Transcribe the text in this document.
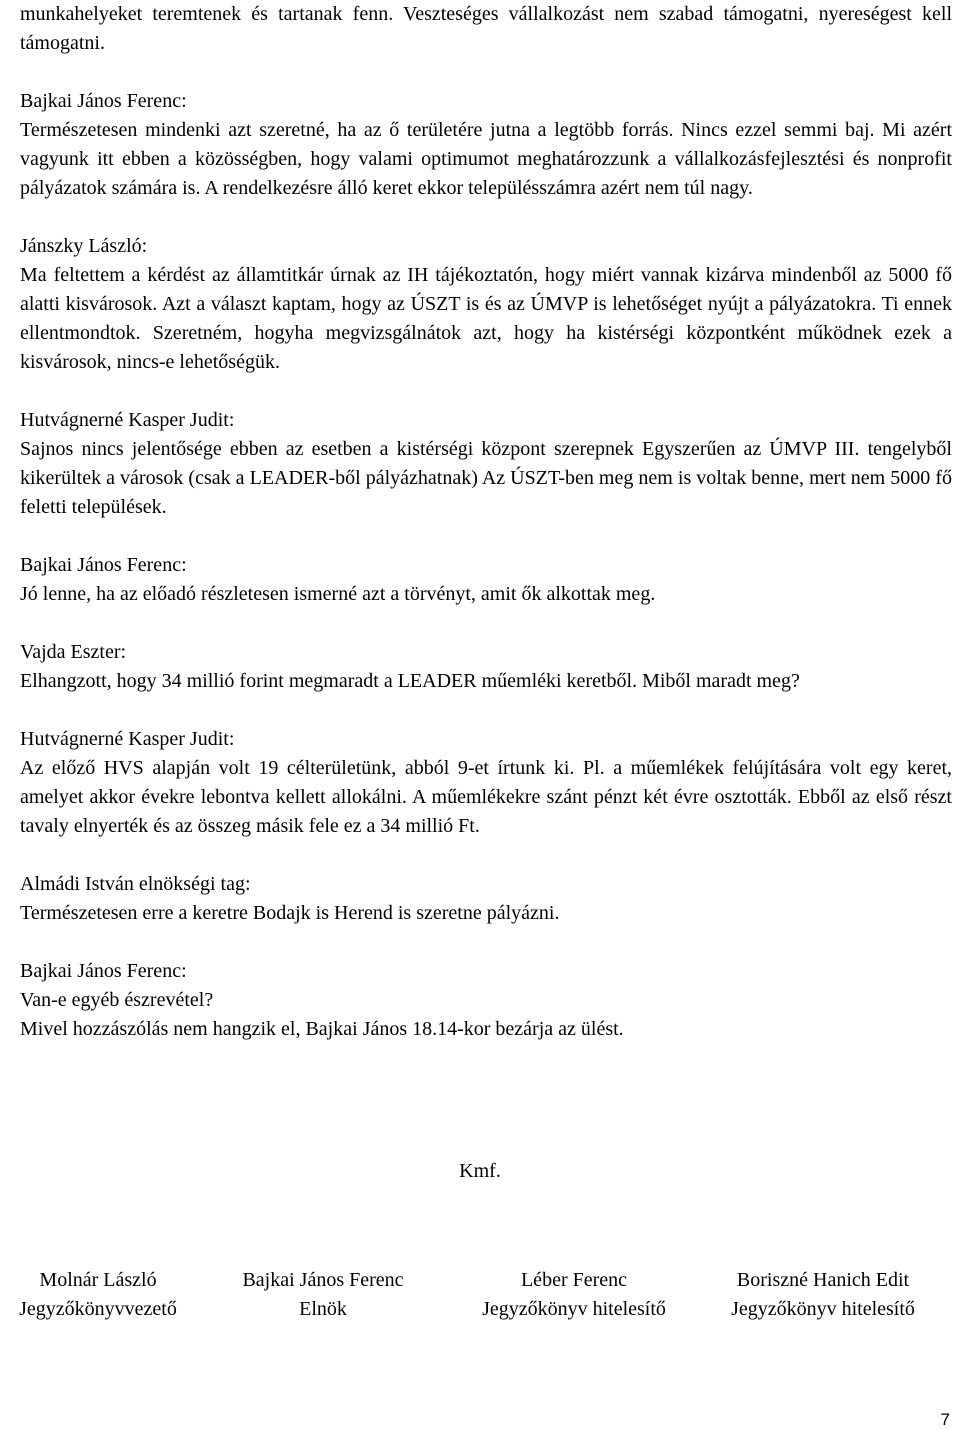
munkahelyeket teremtenek és tartanak fenn. Veszteséges vállalkozást nem szabad támogatni, nyereségest kell támogatni.

Bajkai János Ferenc:
Természetesen mindenki azt szeretné, ha az ő területére jutna a legtöbb forrás. Nincs ezzel semmi baj. Mi azért vagyunk itt ebben a közösségben, hogy valami optimumot meghatározzunk a vállalkozásfejlesztési és nonprofit pályázatok számára is. A rendelkezésre álló keret ekkor településszámra azért nem túl nagy.
Jánszky László:
Ma feltettem a kérdést az államtitkár úrnak az IH tájékoztatón, hogy miért vannak kizárva mindenből az 5000 fő alatti kisvárosok. Azt a választ kaptam, hogy az ÚSZT is és az ÚMVP is lehetőséget nyújt a pályázatokra. Ti ennek ellentmondtok. Szeretném, hogyha megvizsgálnátok azt, hogy ha kistérségi központként működnek ezek a kisvárosok, nincs-e lehetőségük.
Hutvágnerné Kasper Judit:
Sajnos nincs jelentősége ebben az esetben a kistérségi központ szerepnek Egyszerűen az ÚMVP III. tengelyből kikerültek a városok (csak a LEADER-ből pályázhatnak) Az ÚSZT-ben meg nem is voltak benne, mert nem 5000 fő feletti települések.
Bajkai János Ferenc:
Jó lenne, ha az előadó részletesen ismerné azt a törvényt, amit ők alkottak meg.
Vajda Eszter:
Elhangzott, hogy 34 millió forint megmaradt a LEADER műemléki keretből. Miből maradt meg?
Hutvágnerné Kasper Judit:
Az előző HVS alapján volt 19 célterületünk, abból 9-et írtunk ki. Pl. a műemlékek felújítására volt egy keret, amelyet akkor évekre lebontva kellett allokálni. A műemlékekre szánt pénzt két évre osztották. Ebből az első részt tavaly elnyerték és az összeg másik fele ez a 34 millió Ft.
Almádi István elnökségi tag:
Természetesen erre a keretre Bodajk is Herend is szeretne pályázni.
Bajkai János Ferenc:
Van-e egyéb észrevétel?
Mivel hozzászólás nem hangzik el, Bajkai János 18.14-kor bezárja az ülést.
Kmf.
Molnár László
Jegyzőkönyvvezető
Bajkai János Ferenc
Elnök
Léber Ferenc
Jegyzőkönyv hitelesítő
Boriszné Hanich Edit
Jegyzőkönyv hitelesítő
7
